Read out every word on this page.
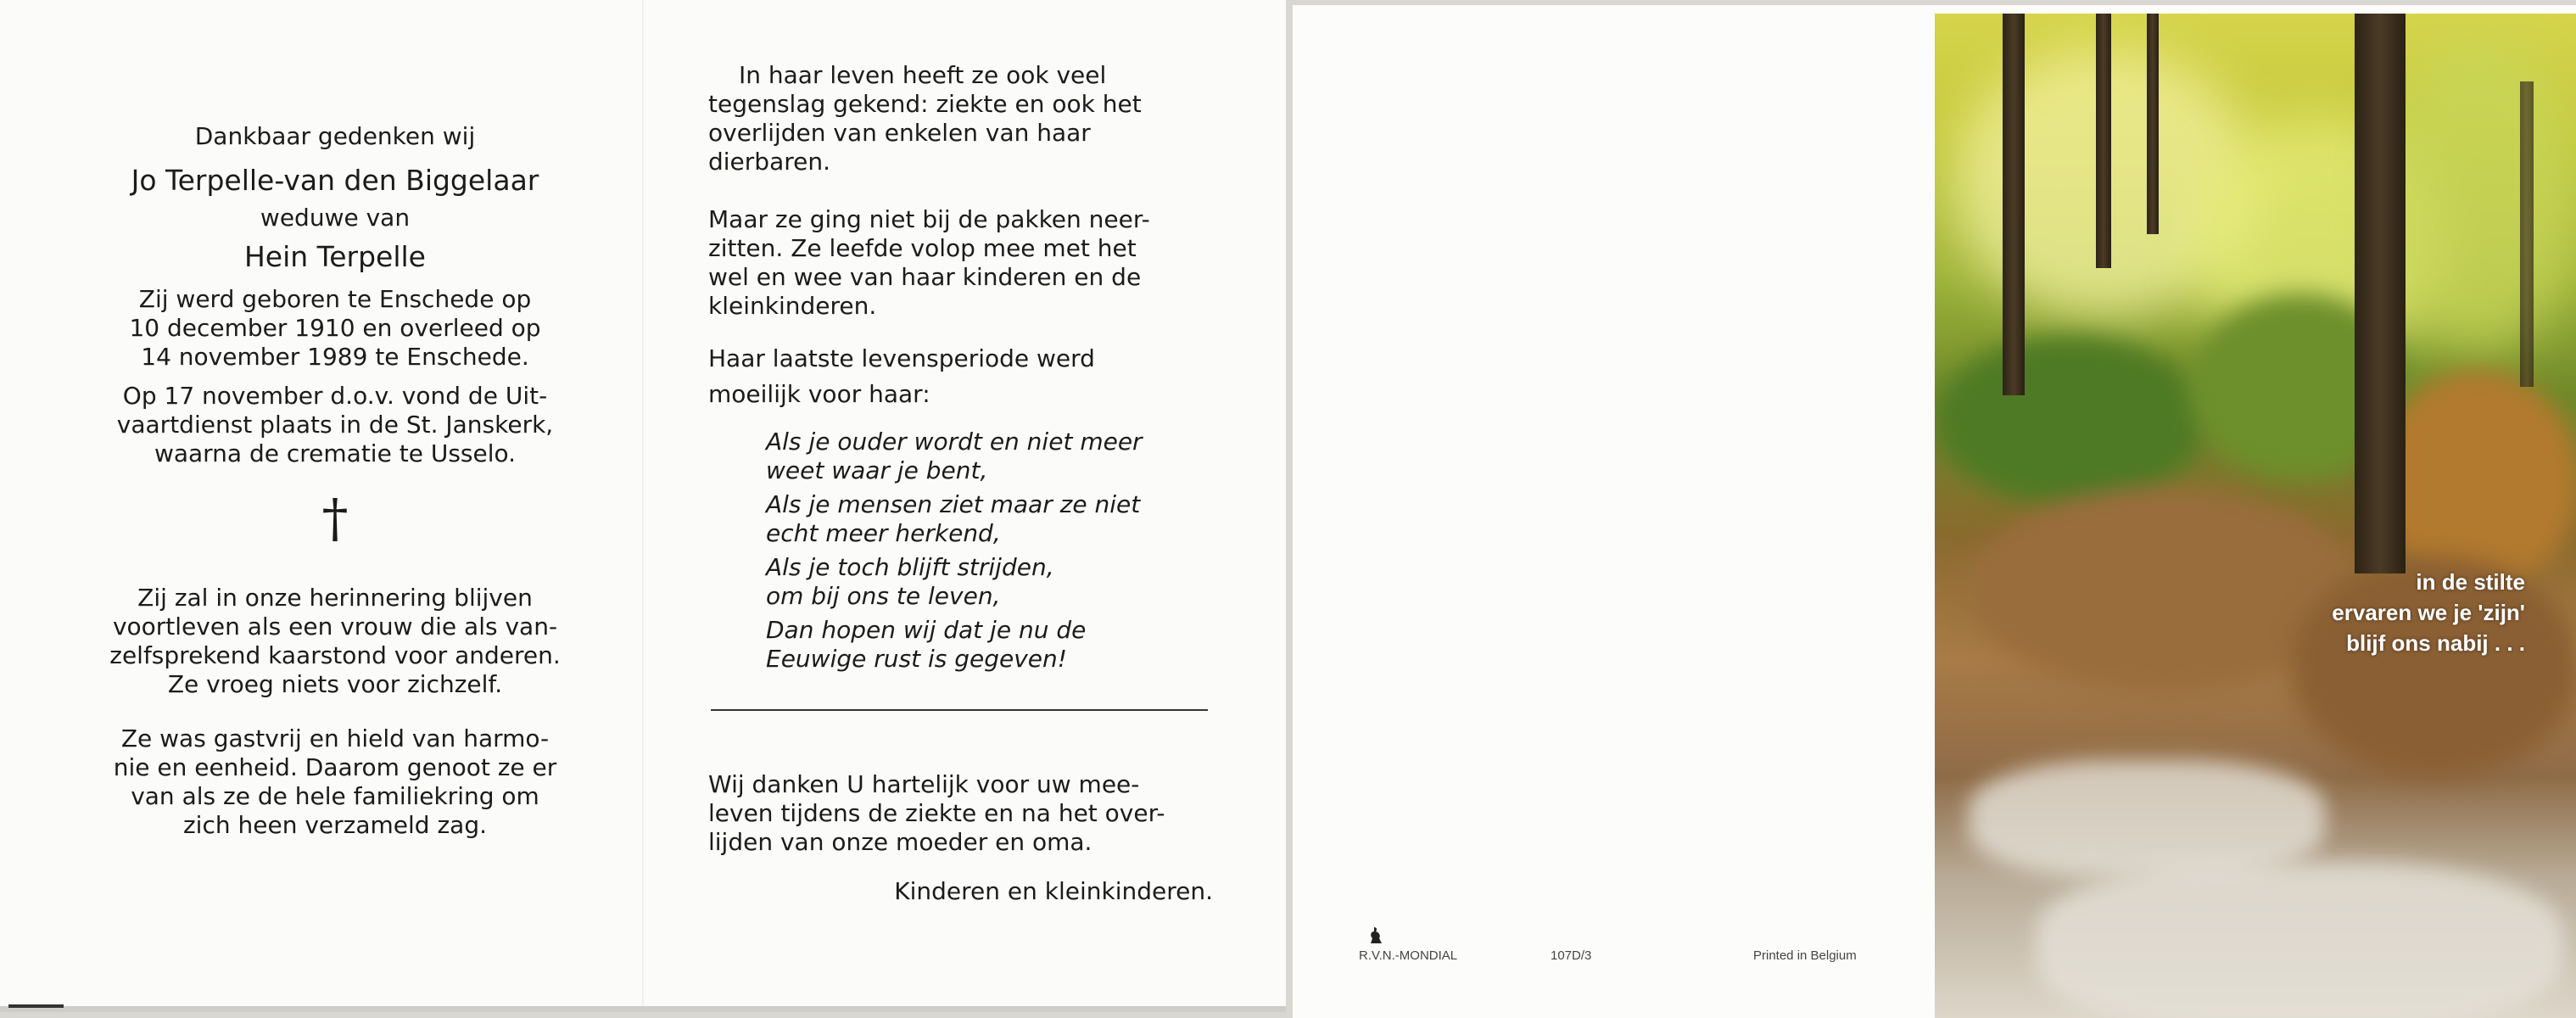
Dankbaar gedenken wij
Jo Terpelle-van den Biggelaar
weduwe van
Hein Terpelle
Zij werd geboren te Enschede op
10 december 1910 en overleed op
14 november 1989 te Enschede.
Op 17 november d.o.v. vond de Uit-
vaartdienst plaats in de St. Janskerk,
waarna de crematie te Usselo.
†
Zij zal in onze herinnering blijven
voortleven als een vrouw die als van-
zelfsprekend kaarstond voor anderen.
Ze vroeg niets voor zichzelf.
Ze was gastvrij en hield van harmo-
nie en eenheid. Daarom genoot ze er
van als ze de hele familiekring om
zich heen verzameld zag.
In haar leven heeft ze ook veel
tegenslag gekend: ziekte en ook het
overlijden van enkelen van haar
dierbaren.
Maar ze ging niet bij de pakken neer-
zitten. Ze leefde volop mee met het
wel en wee van haar kinderen en de
kleinkinderen.
Haar laatste levensperiode werd
moeilijk voor haar:
Als je ouder wordt en niet meer
weet waar je bent,
Als je mensen ziet maar ze niet
echt meer herkend,
Als je toch blijft strijden,
om bij ons te leven,
Dan hopen wij dat je nu de
Eeuwige rust is gegeven!
Wij danken U hartelijk voor uw mee-
leven tijdens de ziekte en na het over-
lijden van onze moeder en oma.
Kinderen en kleinkinderen.
R.V.N.-MONDIAL	107D/3	Printed in Belgium
in de stilte
ervaren we je 'zijn'
blijf ons nabij . . .
